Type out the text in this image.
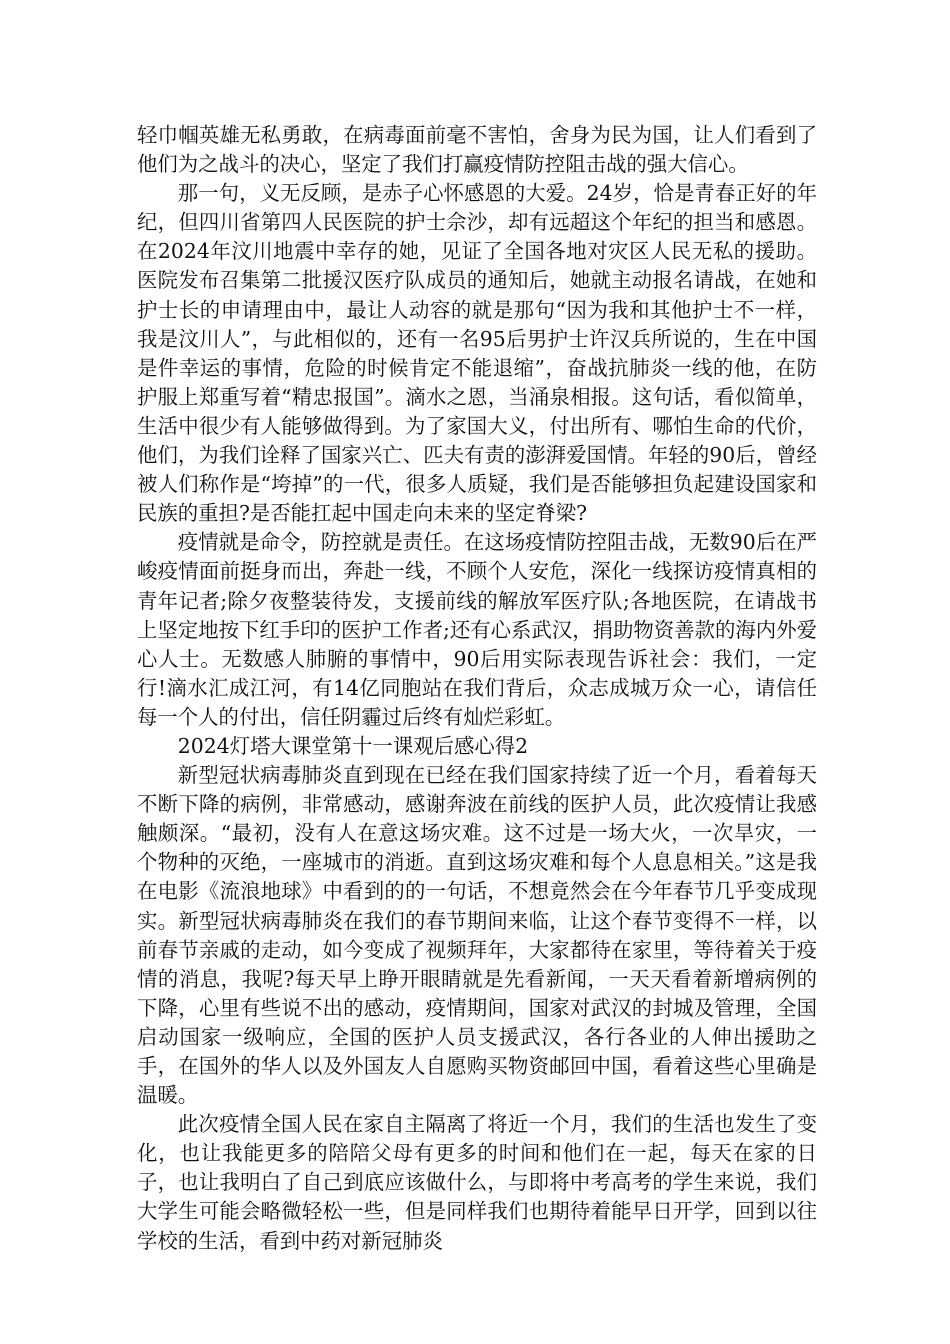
轻巾帼英雄无私勇敢，在病毒面前毫不害怕，舍身为民为国，让人们看到了他们为之战斗的决心，坚定了我们打赢疫情防控阻击战的强大信心。

那一句，义无反顾，是赤子心怀感恩的大爱。24岁，恰是青春正好的年纪，但四川省第四人民医院的护士佘沙，却有远超这个年纪的担当和感恩。在2024年汶川地震中幸存的她，见证了全国各地对灾区人民无私的援助。医院发布召集第二批援汉医疗队成员的通知后，她就主动报名请战，在她和护士长的申请理由中，最让人动容的就是那句“因为我和其他护士不一样，我是汶川人”，与此相似的，还有一名95后男护士许汉兵所说的，生在中国是件幸运的事情，危险的时候肯定不能退缩”，奋战抗肺炎一线的他，在防护服上郑重写着“精忠报国”。滴水之恩，当涌泉相报。这句话，看似简单，生活中很少有人能够做得到。为了家国大义，付出所有、哪怕生命的代价，他们，为我们诠释了国家兴亡、匹夫有责的澎湃爱国情。年轻的90后，曾经被人们称作是“垮掉”的一代，很多人质疑，我们是否能够担负起建设国家和民族的重担?是否能扛起中国走向未来的坚定脊梁?

疫情就是命令，防控就是责任。在这场疫情防控阻击战，无数90后在严峻疫情面前挺身而出，奔赴一线，不顾个人安危，深化一线探访疫情真相的青年记者;除夕夜整装待发，支援前线的解放军医疗队;各地医院，在请战书上坚定地按下红手印的医护工作者;还有心系武汉，捐助物资善款的海内外爱心人士。无数感人肺腑的事情中，90后用实际表现告诉社会：我们，一定行!滴水汇成江河，有14亿同胞站在我们背后，众志成城万众一心，请信任每一个人的付出，信任阴霾过后终有灿烂彩虹。

2024灯塔大课堂第十一课观后感心得2

新型冠状病毒肺炎直到现在已经在我们国家持续了近一个月，看着每天不断下降的病例，非常感动，感谢奔波在前线的医护人员，此次疫情让我感触颇深。“最初，没有人在意这场灾难。这不过是一场大火，一次旱灾，一个物种的灭绝，一座城市的消逝。直到这场灾难和每个人息息相关。”这是我在电影《流浪地球》中看到的的一句话，不想竟然会在今年春节几乎变成现实。新型冠状病毒肺炎在我们的春节期间来临，让这个春节变得不一样，以前春节亲戚的走动，如今变成了视频拜年，大家都待在家里，等待着关于疫情的消息，我呢?每天早上睁开眼睛就是先看新闻，一天天看着新增病例的下降，心里有些说不出的感动，疫情期间，国家对武汉的封城及管理，全国启动国家一级响应，全国的医护人员支援武汉，各行各业的人伸出援助之手，在国外的华人以及外国友人自愿购买物资邮回中国，看着这些心里确是温暖。

此次疫情全国人民在家自主隔离了将近一个月，我们的生活也发生了变化，也让我能更多的陪陪父母有更多的时间和他们在一起，每天在家的日子，也让我明白了自己到底应该做什么，与即将中考高考的学生来说，我们大学生可能会略微轻松一些，但是同样我们也期待着能早日开学，回到以往学校的生活，看到中药对新冠肺炎
